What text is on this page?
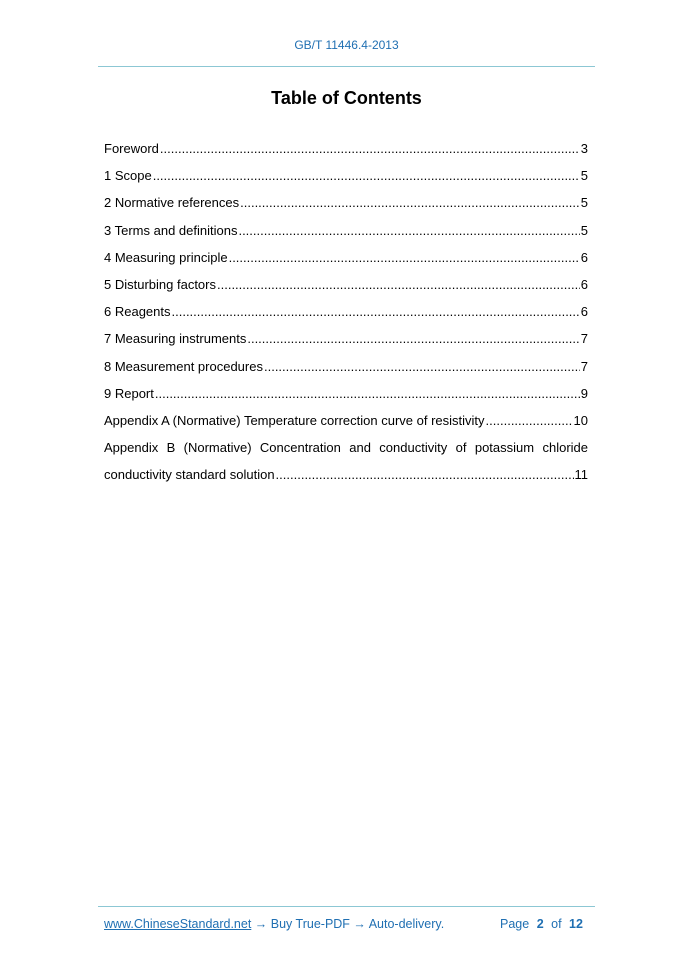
GB/T 11446.4-2013
Table of Contents
Foreword .....	3
1 Scope .....	5
2 Normative references .....	5
3 Terms and definitions .....	5
4 Measuring principle .....	6
5 Disturbing factors .....	6
6 Reagents .....	6
7 Measuring instruments .....	7
8 Measurement procedures .....	7
9 Report .....	9
Appendix A (Normative) Temperature correction curve of resistivity .....	10
Appendix B (Normative) Concentration and conductivity of potassium chloride
conductivity standard solution .....	11
www.ChineseStandard.net → Buy True-PDF → Auto-delivery.	Page 2 of 12
